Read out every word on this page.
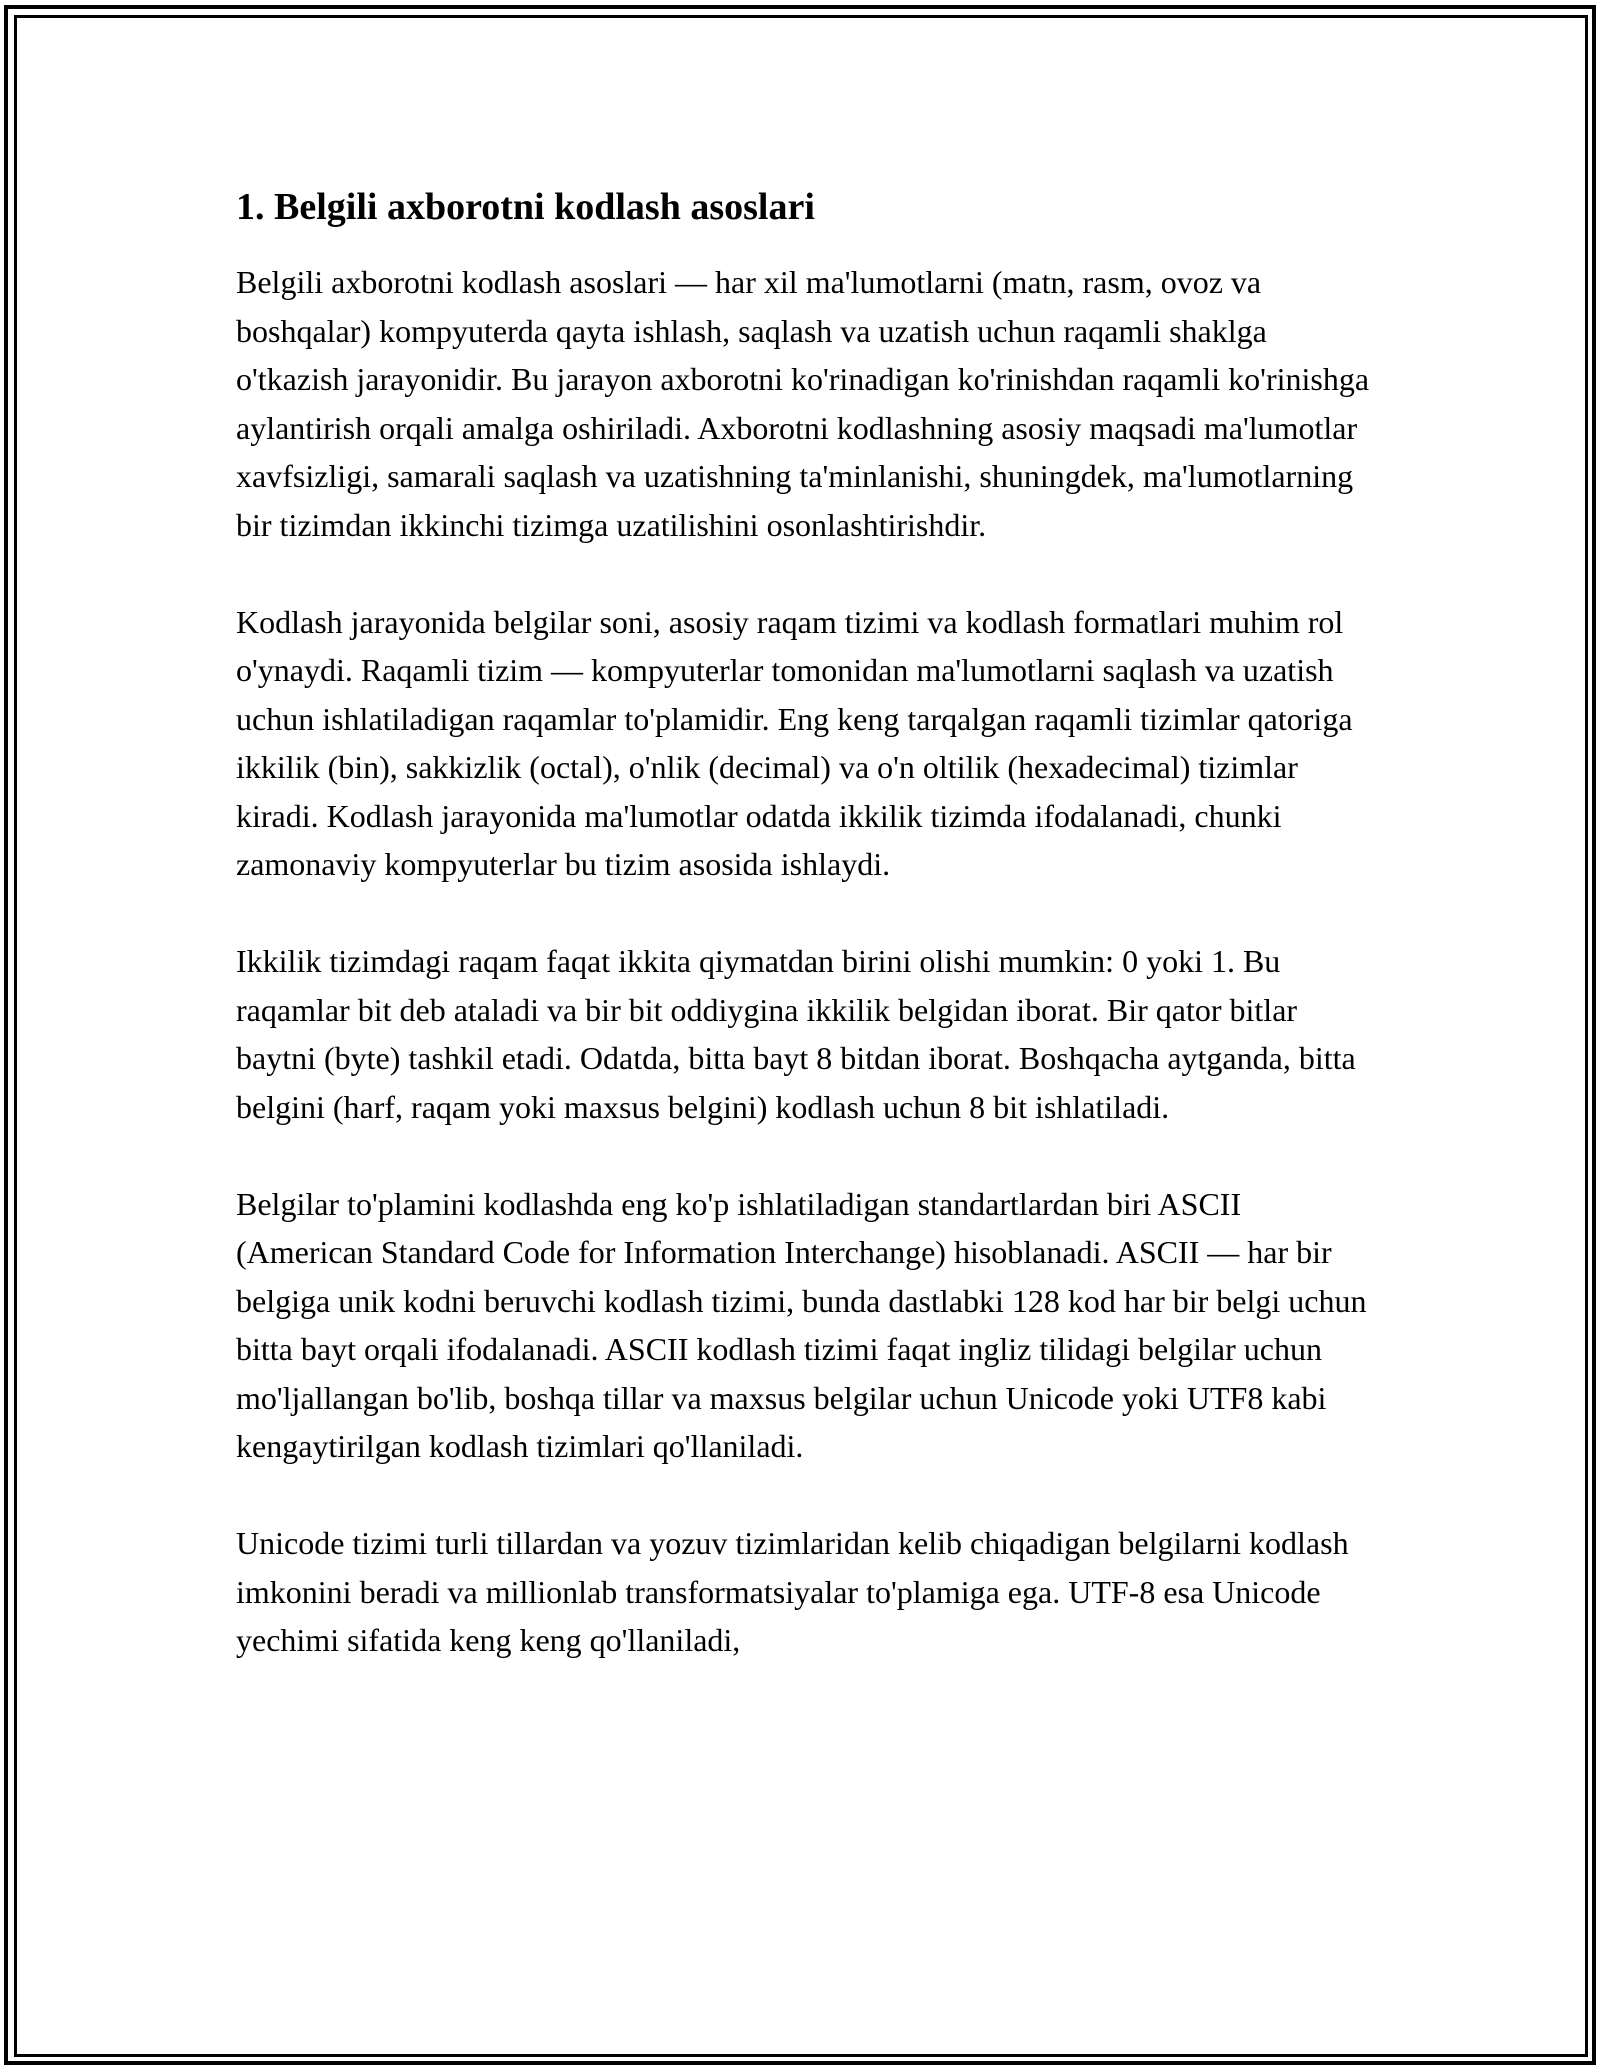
1. Belgili axborotni kodlash asoslari

Belgili axborotni kodlash asoslari — har xil ma'lumotlarni (matn, rasm, ovoz va boshqalar) kompyuterda qayta ishlash, saqlash va uzatish uchun raqamli shaklga o'tkazish jarayonidir. Bu jarayon axborotni ko'rinadigan ko'rinishdan raqamli ko'rinishga aylantirish orqali amalga oshiriladi. Axborotni kodlashning asosiy maqsadi ma'lumotlar xavfsizligi, samarali saqlash va uzatishning ta'minlanishi, shuningdek, ma'lumotlarning bir tizimdan ikkinchi tizimga uzatilishini osonlashtirishdir.

Kodlash jarayonida belgilar soni, asosiy raqam tizimi va kodlash formatlari muhim rol o'ynaydi. Raqamli tizim — kompyuterlar tomonidan ma'lumotlarni saqlash va uzatish uchun ishlatiladigan raqamlar to'plamidir. Eng keng tarqalgan raqamli tizimlar qatoriga ikkilik (bin), sakkizlik (octal), o'nlik (decimal) va o'n oltilik (hexadecimal) tizimlar kiradi. Kodlash jarayonida ma'lumotlar odatda ikkilik tizimda ifodalanadi, chunki zamonaviy kompyuterlar bu tizim asosida ishlaydi.

Ikkilik tizimdagi raqam faqat ikkita qiymatdan birini olishi mumkin: 0 yoki 1. Bu raqamlar bit deb ataladi va bir bit oddiygina ikkilik belgidan iborat. Bir qator bitlar baytni (byte) tashkil etadi. Odatda, bitta bayt 8 bitdan iborat. Boshqacha aytganda, bitta belgini (harf, raqam yoki maxsus belgini) kodlash uchun 8 bit ishlatiladi.

Belgilar to'plamini kodlashda eng ko'p ishlatiladigan standartlardan biri ASCII (American Standard Code for Information Interchange) hisoblanadi. ASCII — har bir belgiga unik kodni beruvchi kodlash tizimi, bunda dastlabki 128 kod har bir belgi uchun bitta bayt orqali ifodalanadi. ASCII kodlash tizimi faqat ingliz tilidagi belgilar uchun mo'ljallangan bo'lib, boshqa tillar va maxsus belgilar uchun Unicode yoki UTF8 kabi kengaytirilgan kodlash tizimlari qo'llaniladi.

Unicode tizimi turli tillardan va yozuv tizimlaridan kelib chiqadigan belgilarni kodlash imkonini beradi va millionlab transformatsiyalar to'plamiga ega. UTF-8 esa Unicode yechimi sifatida keng keng qo'llaniladi,
